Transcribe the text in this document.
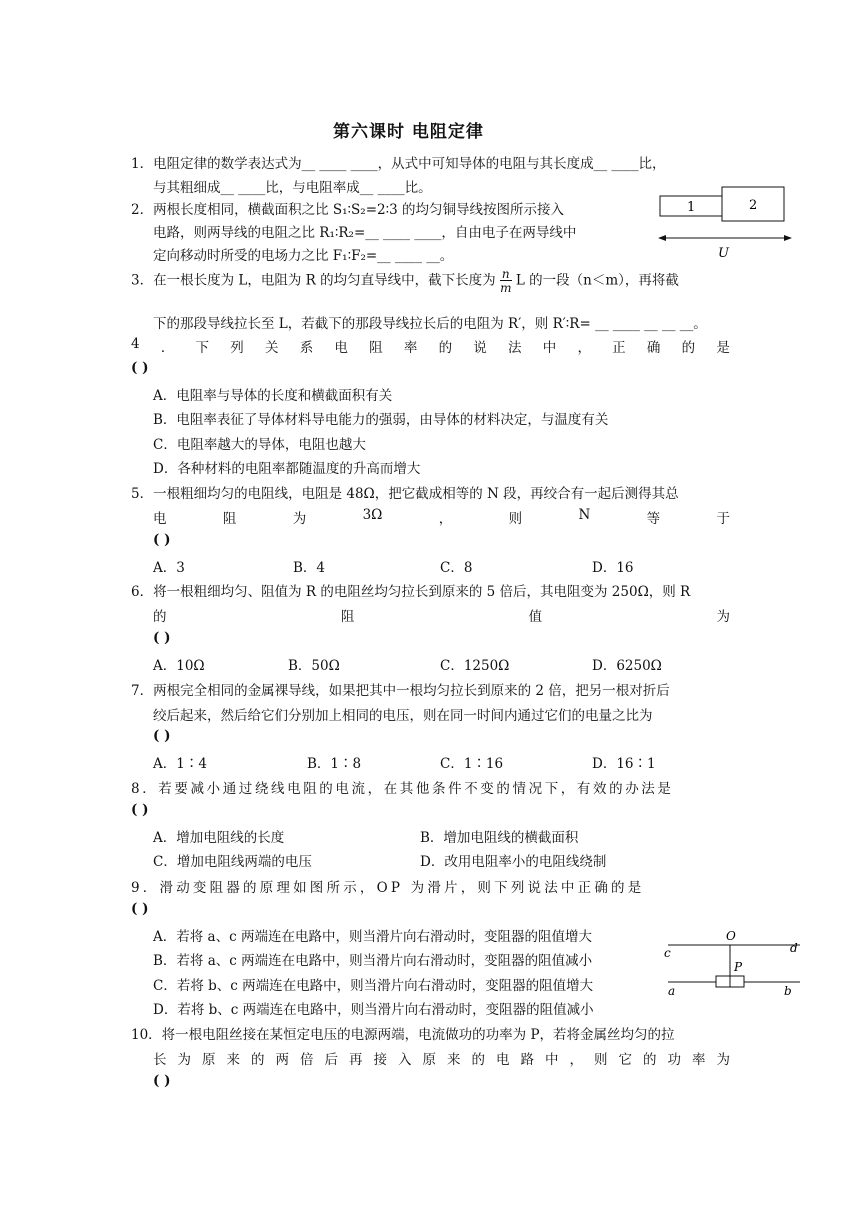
第六课时 电阻定律
1．电阻定律的数学表达式为__ ____ ____，从式中可知导体的电阻与其长度成__ ____比，
与其粗细成__ ____比，与电阻率成__ ____比。
2．两根长度相同，横截面积之比 S₁∶S₂=2∶3 的均匀铜导线按图所示接入
电路，则两导线的电阻之比 R₁∶R₂=__ ____ ____，自由电子在两导线中
定向移动时所受的电场力之比 F₁∶F₂=__ ____ __。
1	2
U
3．在一根长度为 L，电阻为 R 的均匀直导线中，截下长度为 $\frac{n}{m}$ L 的一段（n＜m），再将截
下的那段导线拉长至 L，若截下的那段导线拉长后的电阻为 R′，则 R′∶R= __ ____ __ __ __。
4 ． 下 列 关 系 电 阻 率 的 说 法 中 ， 正 确 的 是
( )
A．电阻率与导体的长度和横截面积有关
B．电阻率表征了导体材料导电能力的强弱，由导体的材料决定，与温度有关
C．电阻率越大的导体，电阻也越大
D．各种材料的电阻率都随温度的升高而增大
5．一根粗细均匀的电阻线，电阻是 48Ω，把它截成相等的 N 段，再绞合有一起后测得其总
电	阻	为	3Ω	，	则	N	等	于
( )
A．3	B．4	C．8	D．16
6．将一根粗细均匀、阻值为 R 的电阻丝均匀拉长到原来的 5 倍后，其电阻变为 250Ω，则 R
的	阻	值	为
( )
A．10Ω	B．50Ω	C．1250Ω	D．6250Ω
7．两根完全相同的金属裸导线，如果把其中一根均匀拉长到原来的 2 倍，把另一根对折后
绞后起来，然后给它们分别加上相同的电压，则在同一时间内通过它们的电量之比为
( )
A．1∶4	B．1∶8	C．1∶16	D．16∶1
8．若要减小通过绕线电阻的电流，在其他条件不变的情况下，有效的办法是
( )
A．增加电阻线的长度	B．增加电阻线的横截面积
C．增加电阻线两端的电压	D．改用电阻率小的电阻线绕制
9．滑动变阻器的原理如图所示，OP 为滑片，则下列说法中正确的是
( )
A．若将 a、c 两端连在电路中，则当滑片向右滑动时，变阻器的阻值增大
B．若将 a、c 两端连在电路中，则当滑片向右滑动时，变阻器的阻值减小
C．若将 b、c 两端连在电路中，则当滑片向右滑动时，变阻器的阻值增大
D．若将 b、c 两端连在电路中，则当滑片向右滑动时，变阻器的阻值减小
O
P
c	d
a	b
10．将一根电阻丝接在某恒定电压的电源两端，电流做功的功率为 P，若将金属丝均匀的拉
长 为 原 来 的 两 倍 后 再 接 入 原 来 的 电 路 中 ， 则 它 的 功 率 为
( )
